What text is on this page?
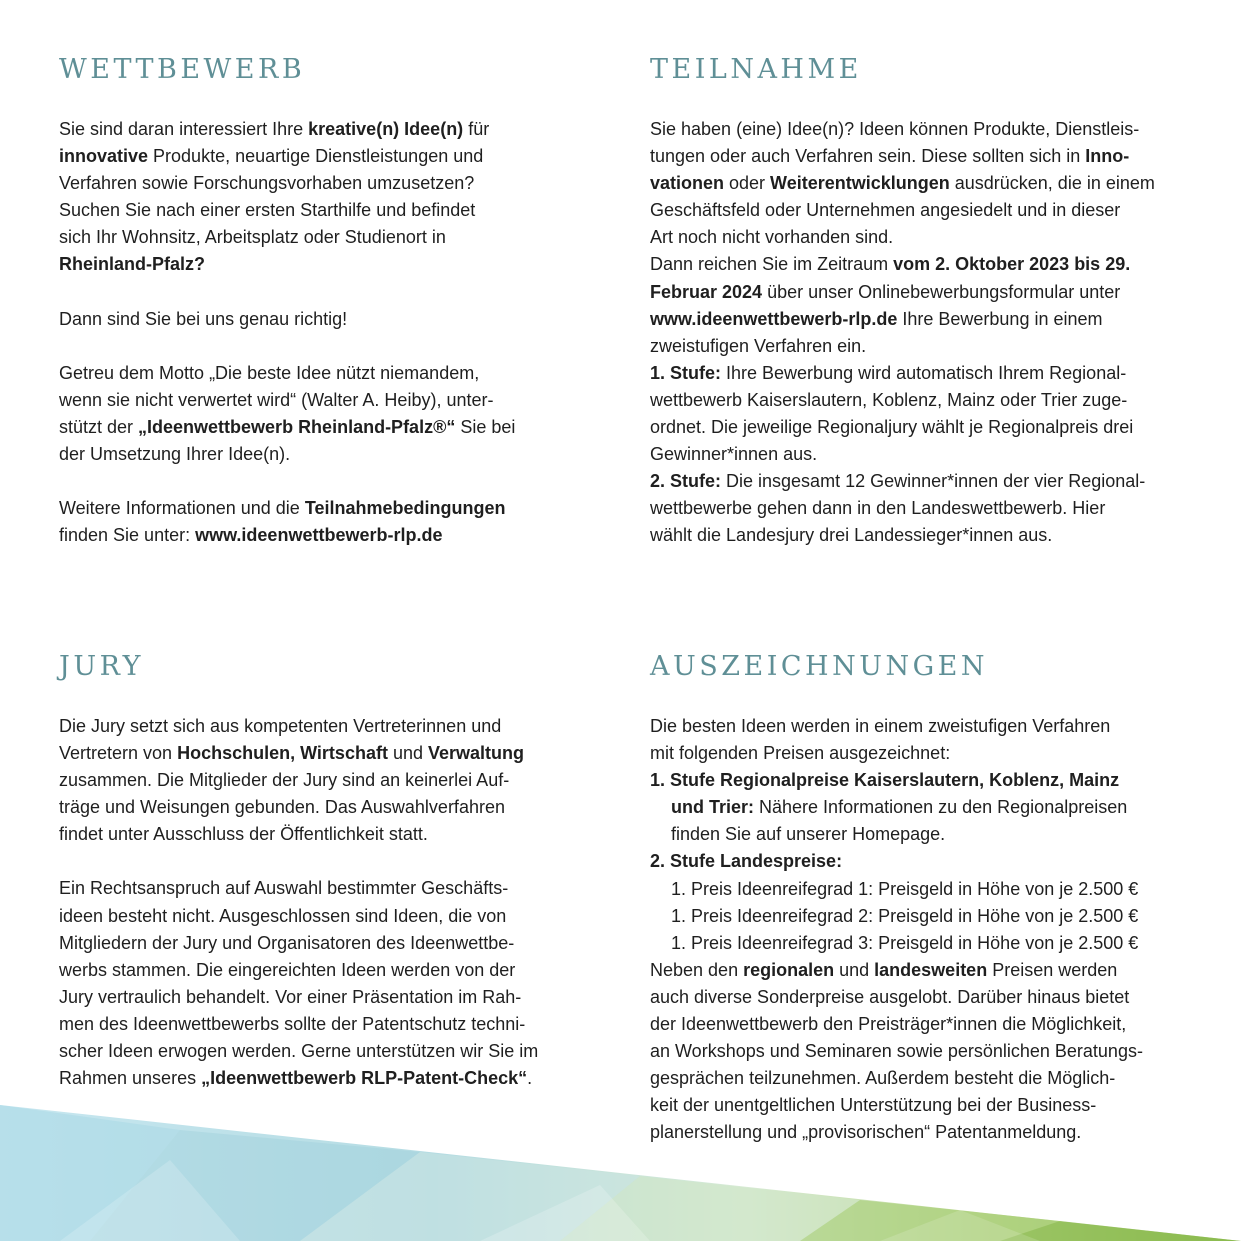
WETTBEWERB

Sie sind daran interessiert Ihre kreative(n) Idee(n) für
innovative Produkte, neuartige Dienstleistungen und
Verfahren sowie Forschungsvorhaben umzusetzen?
Suchen Sie nach einer ersten Starthilfe und befindet
sich Ihr Wohnsitz, Arbeitsplatz oder Studienort in
Rheinland-Pfalz?

Dann sind Sie bei uns genau richtig!

Getreu dem Motto „Die beste Idee nützt niemandem,
wenn sie nicht verwertet wird“ (Walter A. Heiby), unter-
stützt der „Ideenwettbewerb Rheinland-Pfalz®“ Sie bei
der Umsetzung Ihrer Idee(n).

Weitere Informationen und die Teilnahmebedingungen
finden Sie unter: www.ideenwettbewerb-rlp.de

TEILNAHME

Sie haben (eine) Idee(n)? Ideen können Produkte, Dienstleis-
tungen oder auch Verfahren sein. Diese sollten sich in Inno-
vationen oder Weiterentwicklungen ausdrücken, die in einem
Geschäftsfeld oder Unternehmen angesiedelt und in dieser
Art noch nicht vorhanden sind.
Dann reichen Sie im Zeitraum vom 2. Oktober 2023 bis 29.
Februar 2024 über unser Onlinebewerbungsformular unter
www.ideenwettbewerb-rlp.de Ihre Bewerbung in einem
zweistufigen Verfahren ein.
1. Stufe: Ihre Bewerbung wird automatisch Ihrem Regional-
wettbewerb Kaiserslautern, Koblenz, Mainz oder Trier zuge-
ordnet. Die jeweilige Regionaljury wählt je Regionalpreis drei
Gewinner*innen aus.
2. Stufe: Die insgesamt 12 Gewinner*innen der vier Regional-
wettbewerbe gehen dann in den Landeswettbewerb. Hier
wählt die Landesjury drei Landessieger*innen aus.

JURY

Die Jury setzt sich aus kompetenten Vertreterinnen und
Vertretern von Hochschulen, Wirtschaft und Verwaltung
zusammen. Die Mitglieder der Jury sind an keinerlei Auf-
träge und Weisungen gebunden. Das Auswahlverfahren
findet unter Ausschluss der Öffentlichkeit statt.

Ein Rechtsanspruch auf Auswahl bestimmter Geschäfts-
ideen besteht nicht. Ausgeschlossen sind Ideen, die von
Mitgliedern der Jury und Organisatoren des Ideenwettbe-
werbs stammen. Die eingereichten Ideen werden von der
Jury vertraulich behandelt. Vor einer Präsentation im Rah-
men des Ideenwettbewerbs sollte der Patentschutz techni-
scher Ideen erwogen werden. Gerne unterstützen wir Sie im
Rahmen unseres „Ideenwettbewerb RLP-Patent-Check“.

AUSZEICHNUNGEN

Die besten Ideen werden in einem zweistufigen Verfahren
mit folgenden Preisen ausgezeichnet:

1. Stufe Regionalpreise Kaiserslautern, Koblenz, Mainz
und Trier: Nähere Informationen zu den Regionalpreisen
finden Sie auf unserer Homepage.

2. Stufe Landespreise:
1. Preis Ideenreifegrad 1: Preisgeld in Höhe von je 2.500 €
1. Preis Ideenreifegrad 2: Preisgeld in Höhe von je 2.500 €
1. Preis Ideenreifegrad 3: Preisgeld in Höhe von je 2.500 €

Neben den regionalen und landesweiten Preisen werden
auch diverse Sonderpreise ausgelobt. Darüber hinaus bietet
der Ideenwettbewerb den Preisträger*innen die Möglichkeit,
an Workshops und Seminaren sowie persönlichen Beratungs-
gesprächen teilzunehmen. Außerdem besteht die Möglich-
keit der unentgeltlichen Unterstützung bei der Business-
planerstellung und „provisorischen“ Patentanmeldung.
